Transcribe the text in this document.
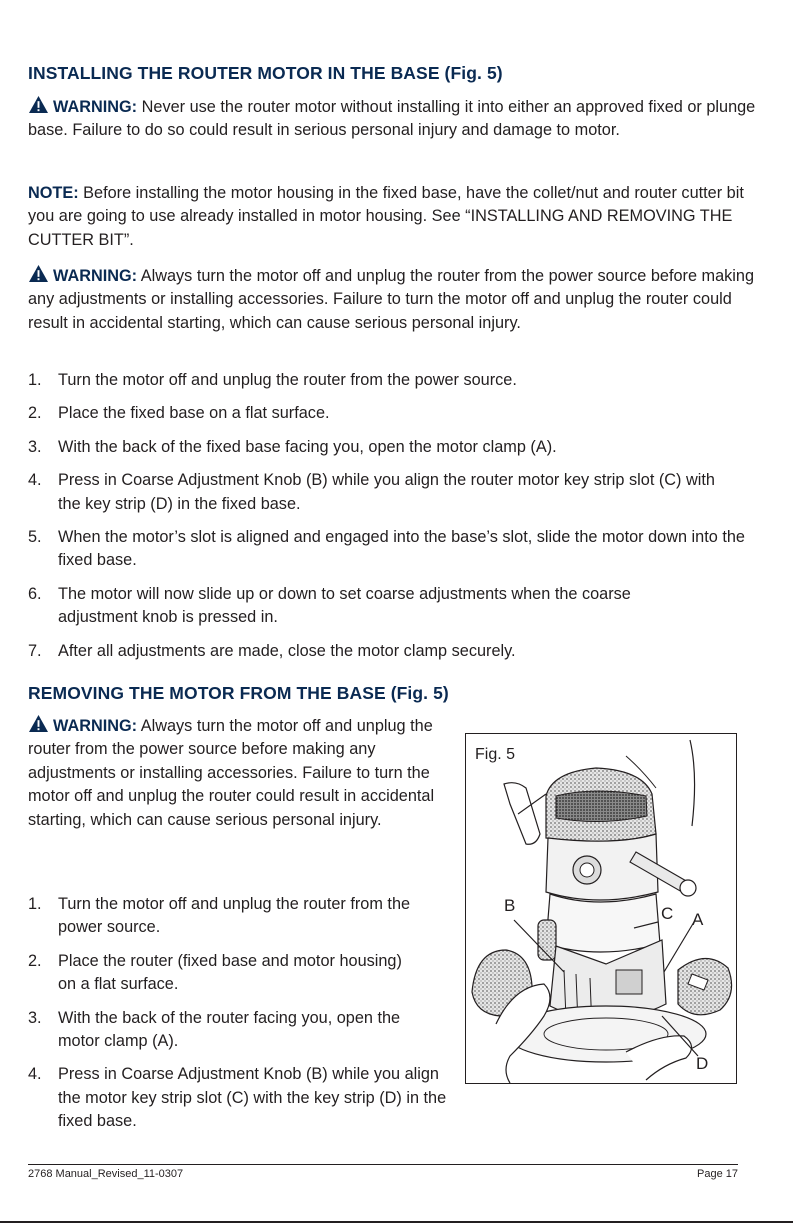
INSTALLING THE ROUTER MOTOR IN THE BASE (Fig. 5)

WARNING: Never use the router motor without installing it into either an approved fixed or plunge base. Failure to do so could result in serious personal injury and damage to motor.

NOTE: Before installing the motor housing in the fixed base, have the collet/nut and router cutter bit you are going to use already installed in motor housing. See “INSTALLING AND REMOVING THE CUTTER BIT”.

WARNING: Always turn the motor off and unplug the router from the power source before making any adjustments or installing accessories. Failure to turn the motor off and unplug the router could result in accidental starting, which can cause serious personal injury.

1. Turn the motor off and unplug the router from the power source.
2. Place the fixed base on a flat surface.
3. With the back of the fixed base facing you, open the motor clamp (A).
4. Press in Coarse Adjustment Knob (B) while you align the router motor key strip slot (C) with the key strip (D) in the fixed base.
5. When the motor’s slot is aligned and engaged into the base’s slot, slide the motor down into the fixed base.
6. The motor will now slide up or down to set coarse adjustments when the coarse adjustment knob is pressed in.
7. After all adjustments are made, close the motor clamp securely.
REMOVING THE MOTOR FROM THE BASE (Fig. 5)

WARNING: Always turn the motor off and unplug the router from the power source before making any adjustments or installing accessories. Failure to turn the motor off and unplug the router could result in accidental starting, which can cause serious personal injury.

1. Turn the motor off and unplug the router from the power source.
2. Place the router (fixed base and motor housing) on a flat surface.
3. With the back of the router facing you, open the motor clamp (A).
4. Press in Coarse Adjustment Knob (B) while you align the motor key strip slot (C) with the key strip (D) in the fixed base.
Fig. 5
B	C A
D
2768 Manual_Revised_11-0307	Page 17
